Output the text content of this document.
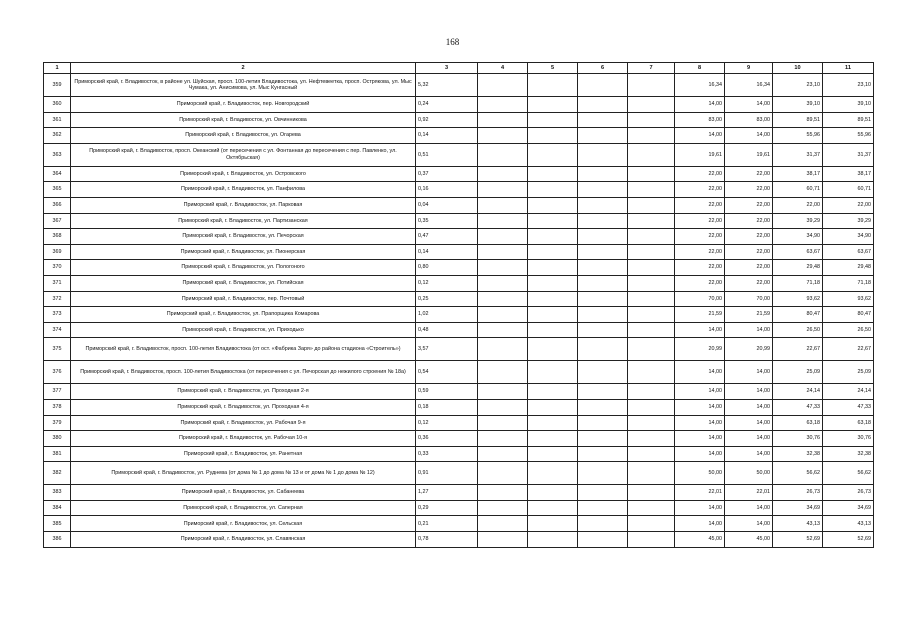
168
1	2	3	4	5	6	7	8	9	10	11
359	Приморский край, г. Владивосток, в районе ул. Шуйская, просп. 100-летия Владивостока, ул. Нефтевеетка, просп. Острякова, ул. Мыс Чумака, ул. Анисимова, ул. Мыс Кунгасный	5,32					16,34	16,34	23,10	23,10
360	Приморский край, г. Владивосток, пер. Новгородский	0,24					14,00	14,00	39,10	39,10
361	Приморский край, г. Владивосток, ул. Овчинникова	0,92					83,00	83,00	89,51	89,51
362	Приморский край, г. Владивосток, ул. Огарева	0,14					14,00	14,00	55,96	55,96
363	Приморский край, г. Владивосток, просп. Океанский (от пересечения с ул. Фонтанная до пересечения с пер. Павленко, ул. Октябрьская)	0,51					19,61	19,61	31,37	31,37
364	Приморский край, г. Владивосток, ул. Островского	0,37					22,00	22,00	38,17	38,17
365	Приморский край, г. Владивосток, ул. Панфилова	0,16					22,00	22,00	60,71	60,71
366	Приморский край, г. Владивосток, ул. Парковая	0,04					22,00	22,00	22,00	22,00
367	Приморский край, г. Владивосток, ул. Партизанская	0,35					22,00	22,00	39,29	39,29
368	Приморский край, г. Владивосток, ул. Печорская	0,47					22,00	22,00	34,90	34,90
369	Приморский край, г. Владивосток, ул. Пионерская	0,14					22,00	22,00	63,67	63,67
370	Приморский край, г. Владивосток, ул. Пологоного	0,80					22,00	22,00	29,48	29,48
371	Приморский край, г. Владивосток, ул. Потийская	0,12					22,00	22,00	71,18	71,18
372	Приморский край, г. Владивосток, пер. Почтовый	0,25					70,00	70,00	93,62	93,62
373	Приморский край, г. Владивосток, ул. Прапорщика Комарова	1,02					21,59	21,59	80,47	80,47
374	Приморский край, г. Владивосток, ул. Приходько	0,48					14,00	14,00	26,50	26,50
375	Приморский край, г. Владивосток, просп. 100-летия Владивостока (от ост. «Фабрика Заря» до района стадиона «Строитель»)	3,57					20,99	20,99	22,67	22,67
376	Приморский край, г. Владивосток, просп. 100-летия Владивостока (от пересечения с ул. Печорская до нежилого строения № 18а)	0,54					14,00	14,00	25,09	25,09
377	Приморский край, г. Владивосток, ул. Проходная 2-я	0,59					14,00	14,00	24,14	24,14
378	Приморский край, г. Владивосток, ул. Проходная 4-я	0,18					14,00	14,00	47,33	47,33
379	Приморский край, г. Владивосток, ул. Рабочая 9-я	0,12					14,00	14,00	63,18	63,18
380	Приморский край, г. Владивосток, ул. Рабочая 10-я	0,36					14,00	14,00	30,76	30,76
381	Приморский край, г. Владивосток, ул. Ранетная	0,33					14,00	14,00	32,38	32,38
382	Приморский край, г. Владивосток, ул. Руднева (от дома № 1 до дома № 13 и от дома № 1 до дома № 12)	0,91					50,00	50,00	56,62	56,62
383	Приморский край, г. Владивосток, ул. Сабанеева	1,27					22,01	22,01	26,73	26,73
384	Приморский край, г. Владивосток, ул. Саперная	0,29					14,00	14,00	34,69	34,69
385	Приморский край, г. Владивосток, ул. Сельская	0,21					14,00	14,00	43,13	43,13
386	Приморский край, г. Владивосток, ул. Славянская	0,78					45,00	45,00	52,69	52,69
